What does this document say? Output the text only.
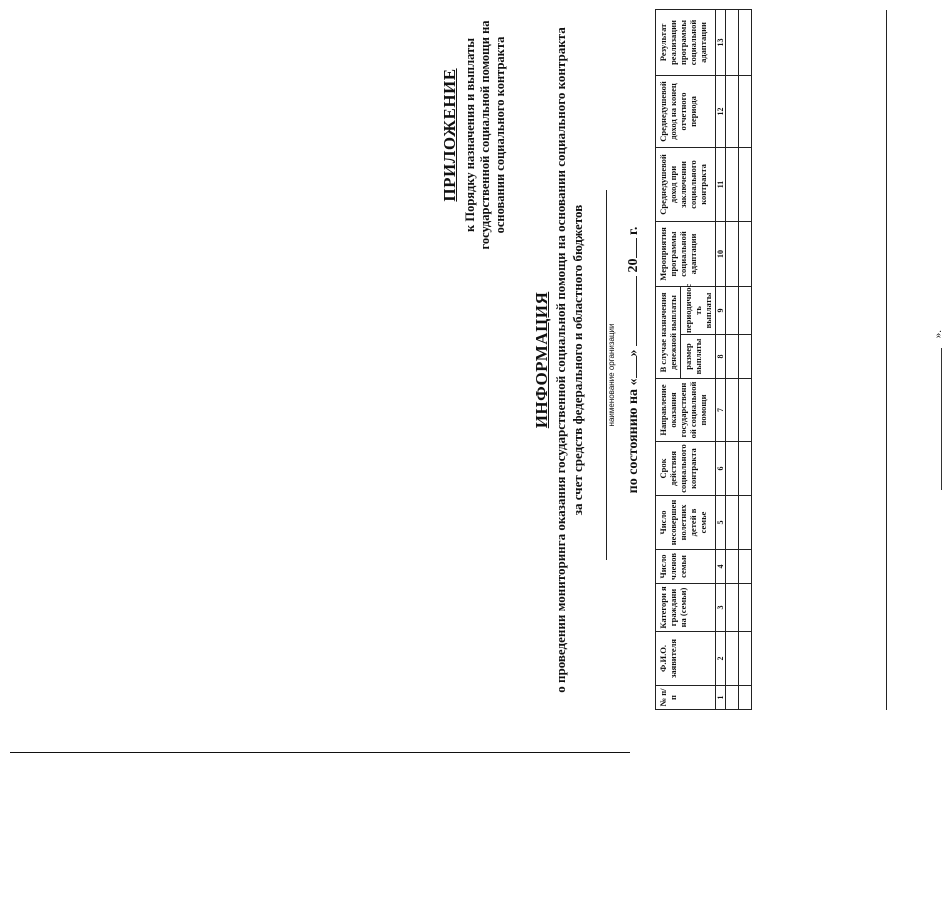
ПРИЛОЖЕНИЕ к Порядку назначения и выплаты государственной социальной помощи на основании социального контракта
ИНФОРМАЦИЯ о проведении мониторинга оказания государственной социальной помощи на основании социального контракта за счет средств федерального и областного бюджетов	наименование организации
по состоянию на «»  20 г.
№ п/п	Ф.И.О. заявителя	Категори я граждани на (семьи)	Число членов семьи	Число несовершен нолетних детей в семье	Срок действия социального контракта	Направление оказания государственн ой социальной помощи	В случае назначения денежной выплаты		Мероприятия программы социальной адаптации	Среднедушевой доход при заключении социального контракта	Среднедушевой доход на конец отчетного периода	Результат реализации программы социальной адаптации
							размер выплаты	периодичнос ть выплаты				
1	2	3	4	5	6	7	8	9	10	11	12	13

».
